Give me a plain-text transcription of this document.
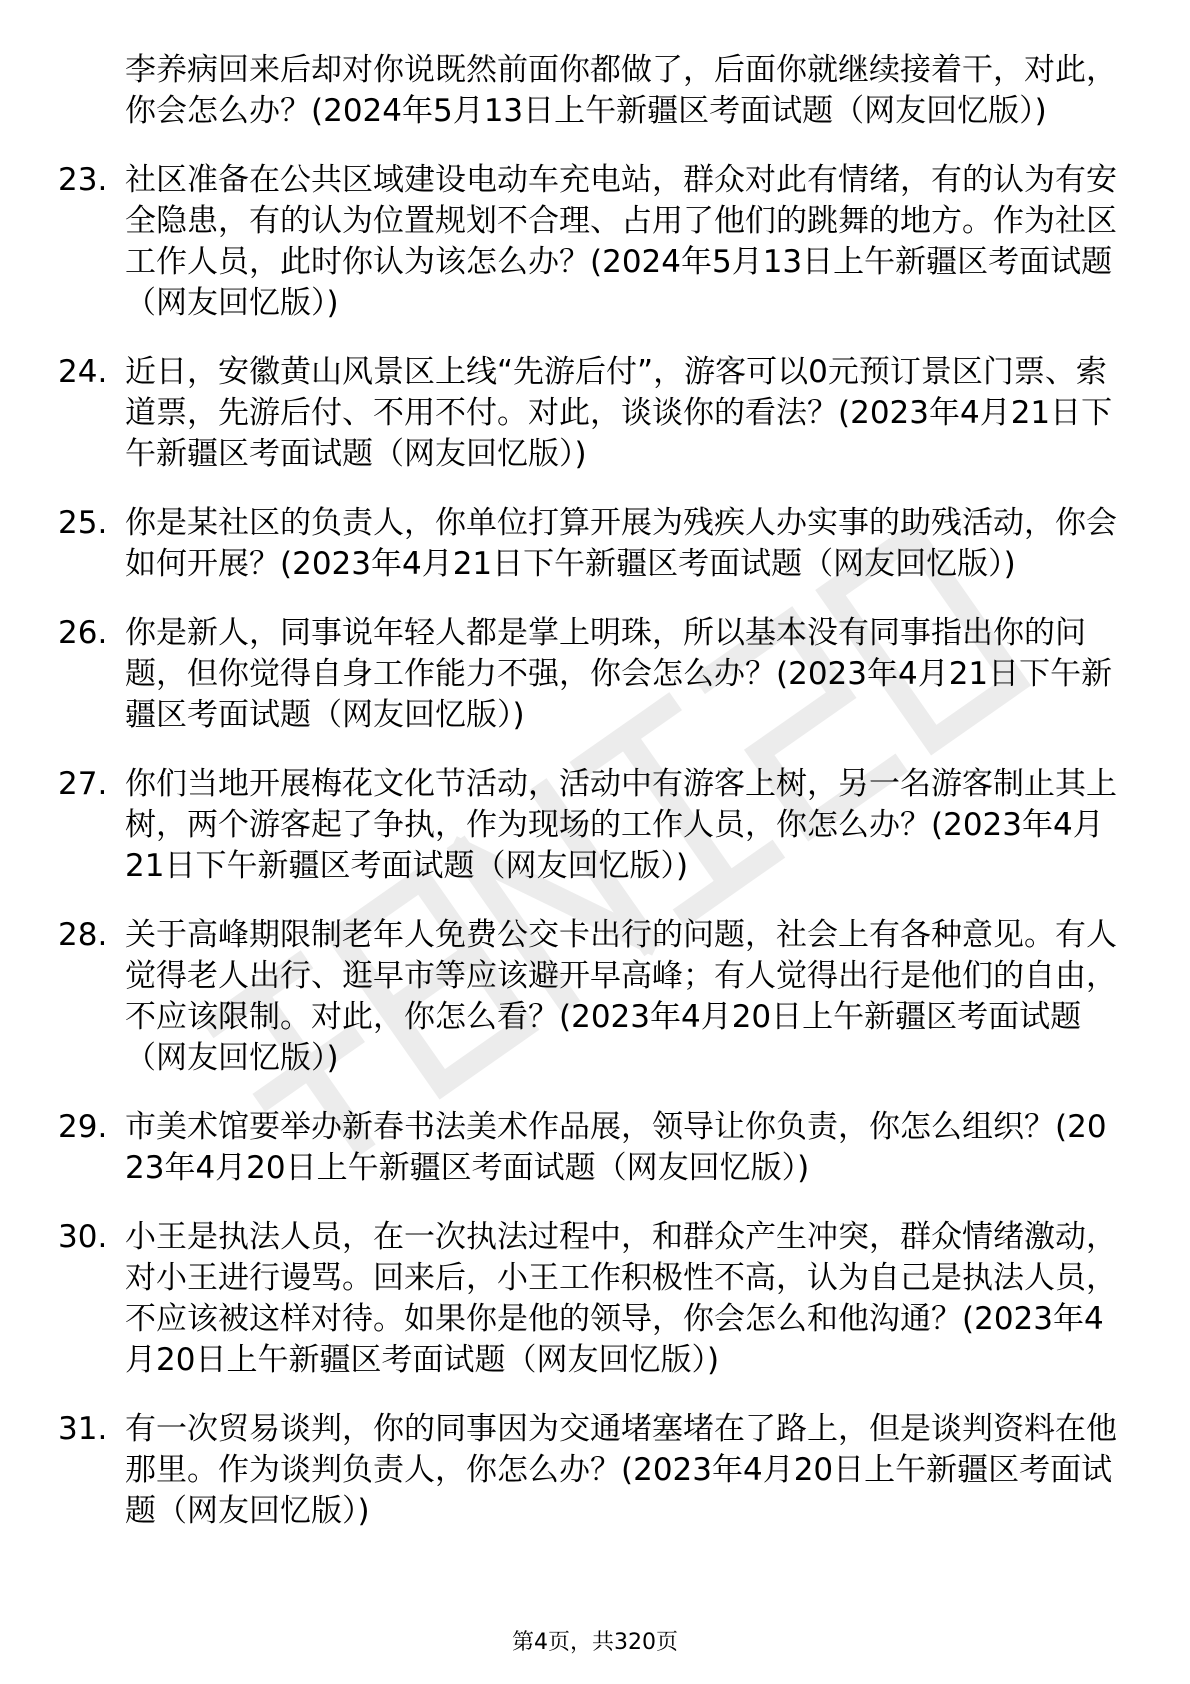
李养病回来后却对你说既然前面你都做了，后面你就继续接着干，对此，你会怎么办？(2024年5月13日上午新疆区考面试题（网友回忆版）)
23. 社区准备在公共区域建设电动车充电站，群众对此有情绪，有的认为有安全隐患，有的认为位置规划不合理、占用了他们的跳舞的地方。作为社区工作人员，此时你认为该怎么办？(2024年5月13日上午新疆区考面试题（网友回忆版）)
24. 近日，安徽黄山风景区上线“先游后付”，游客可以0元预订景区门票、索道票，先游后付、不用不付。对此，谈谈你的看法？(2023年4月21日下午新疆区考面试题（网友回忆版）)
25. 你是某社区的负责人，你单位打算开展为残疾人办实事的助残活动，你会如何开展？(2023年4月21日下午新疆区考面试题（网友回忆版）)
26. 你是新人，同事说年轻人都是掌上明珠，所以基本没有同事指出你的问题，但你觉得自身工作能力不强，你会怎么办？(2023年4月21日下午新疆区考面试题（网友回忆版）)
27. 你们当地开展梅花文化节活动，活动中有游客上树，另一名游客制止其上树，两个游客起了争执，作为现场的工作人员，你怎么办？(2023年4月21日下午新疆区考面试题（网友回忆版）)
28. 关于高峰期限制老年人免费公交卡出行的问题，社会上有各种意见。有人觉得老人出行、逛早市等应该避开早高峰；有人觉得出行是他们的自由，不应该限制。对此，你怎么看？(2023年4月20日上午新疆区考面试题（网友回忆版）)
29. 市美术馆要举办新春书法美术作品展，领导让你负责，你怎么组织？(2023年4月20日上午新疆区考面试题（网友回忆版）)
30. 小王是执法人员，在一次执法过程中，和群众产生冲突，群众情绪激动，对小王进行谩骂。回来后，小王工作积极性不高，认为自己是执法人员，不应该被这样对待。如果你是他的领导，你会怎么和他沟通？(2023年4月20日上午新疆区考面试题（网友回忆版）)
31. 有一次贸易谈判，你的同事因为交通堵塞堵在了路上，但是谈判资料在他那里。作为谈判负责人，你怎么办？(2023年4月20日上午新疆区考面试题（网友回忆版）)
第4页，共320页
